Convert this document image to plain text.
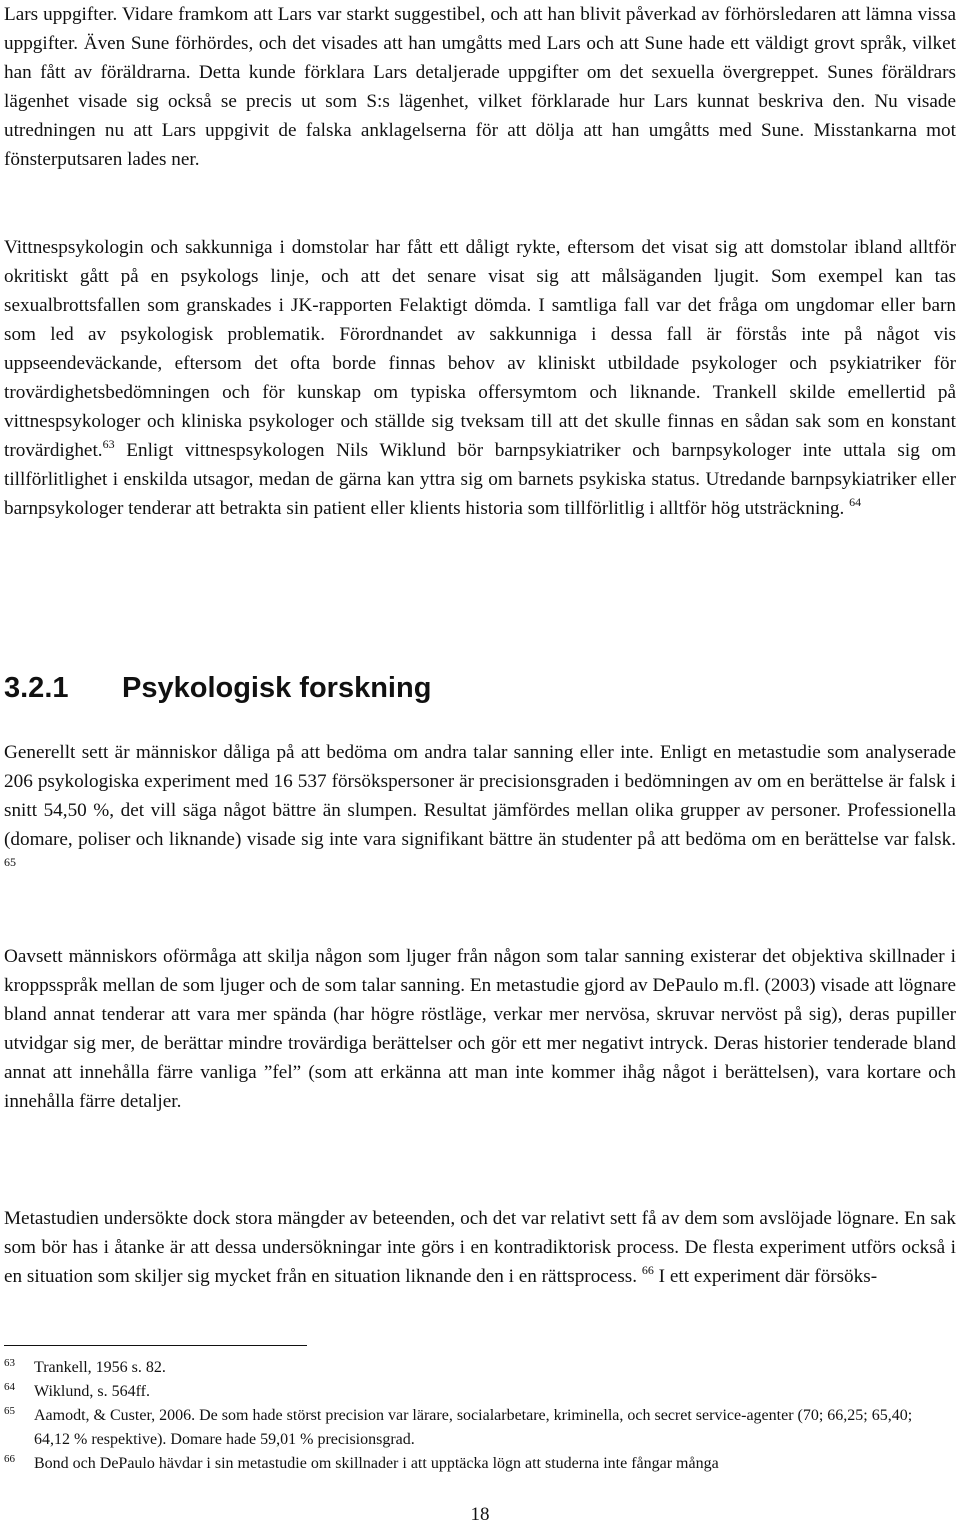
Lars uppgifter. Vidare framkom att Lars var starkt suggestibel, och att han blivit påverkad av förhörsledaren att lämna vissa uppgifter. Även Sune förhördes, och det visades att han umgåtts med Lars och att Sune hade ett väldigt grovt språk, vilket han fått av föräldrarna. Detta kunde förklara Lars detaljerade uppgifter om det sexuella övergreppet. Sunes föräldrars lägenhet visade sig också se precis ut som S:s lägenhet, vilket förklarade hur Lars kunnat beskriva den. Nu visade utredningen nu att Lars uppgivit de falska anklagelserna för att dölja att han umgåtts med Sune. Misstankarna mot fönsterputsaren lades ner.

Vittnespsykologin och sakkunniga i domstolar har fått ett dåligt rykte, eftersom det visat sig att domstolar ibland alltför okritiskt gått på en psykologs linje, och att det senare visat sig att målsäganden ljugit. Som exempel kan tas sexualbrottsfallen som granskades i JK-rapporten Felaktigt dömda. I samtliga fall var det fråga om ungdomar eller barn som led av psykologisk problematik. Förordnandet av sakkunniga i dessa fall är förstås inte på något vis uppseendeväckande, eftersom det ofta borde finnas behov av kliniskt utbildade psykologer och psykiatriker för trovärdighetsbedömningen och för kunskap om typiska offersymtom och liknande. Trankell skilde emellertid på vittnespsykologer och kliniska psykologer och ställde sig tveksam till att det skulle finnas en sådan sak som en konstant trovärdighet.$^{63}$ Enligt vittnespsykologen Nils Wiklund bör barnpsykiatriker och barnpsykologer inte uttala sig om tillförlitlighet i enskilda utsagor, medan de gärna kan yttra sig om barnets psykiska status. Utredande barnpsykiatriker eller barnpsykologer tenderar att betrakta sin patient eller klients historia som tillförlitlig i alltför hög utsträckning. $^{64}$

3.2.1 Psykologisk forskning

Generellt sett är människor dåliga på att bedöma om andra talar sanning eller inte. Enligt en metastudie som analyserade 206 psykologiska experiment med 16 537 försökspersoner är precisionsgraden i bedömningen av om en berättelse är falsk i snitt 54,50 %, det vill säga något bättre än slumpen. Resultat jämfördes mellan olika grupper av personer. Professionella (domare, poliser och liknande) visade sig inte vara signifikant bättre än studenter på att bedöma om en berättelse var falsk. $^{65}$

Oavsett människors oförmåga att skilja någon som ljuger från någon som talar sanning existerar det objektiva skillnader i kroppsspråk mellan de som ljuger och de som talar sanning. En metastudie gjord av DePaulo m.fl. (2003) visade att lögnare bland annat tenderar att vara mer spända (har högre röstläge, verkar mer nervösa, skruvar nervöst på sig), deras pupiller utvidgar sig mer, de berättar mindre trovärdiga berättelser och gör ett mer negativt intryck. Deras historier tenderade bland annat att innehålla färre vanliga ”fel” (som att erkänna att man inte kommer ihåg något i berättelsen), vara kortare och innehålla färre detaljer.

Metastudien undersökte dock stora mängder av beteenden, och det var relativt sett få av dem som avslöjade lögnare. En sak som bör has i åtanke är att dessa undersökningar inte görs i en kontradiktorisk process. De flesta experiment utförs också i en situation som skiljer sig mycket från en situation liknande den i en rättsprocess. $^{66}$ I ett experiment där försöks-

63 Trankell, 1956 s. 82.

64 Wiklund, s. 564ff.

65 Aamodt, & Custer, 2006. De som hade störst precision var lärare, socialarbetare, kriminella, och secret service-agenter (70; 66,25; 65,40; 64,12 % respektive). Domare hade 59,01 % precisionsgrad.

66 Bond och DePaulo hävdar i sin metastudie om skillnader i att upptäcka lögn att studerna inte fångar många

18
